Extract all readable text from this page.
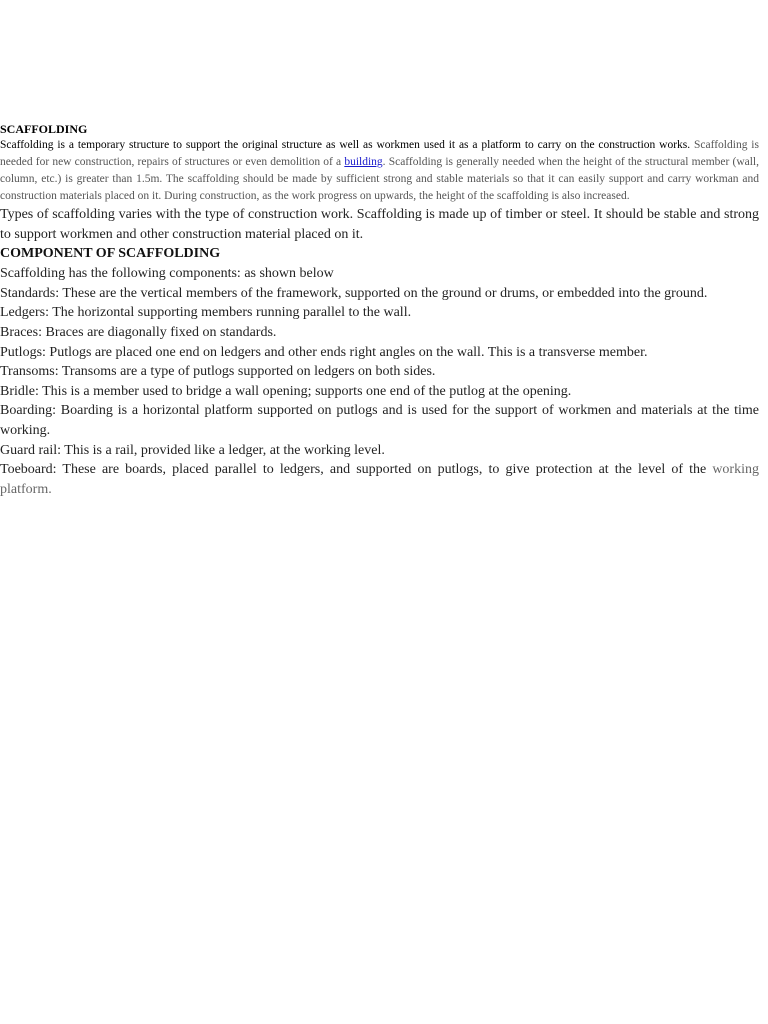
SCAFFOLDING

Scaffolding is a temporary structure to support the original structure as well as workmen used it as a platform to carry on the construction works. Scaffolding is needed for new construction, repairs of structures or even demolition of a building. Scaffolding is generally needed when the height of the structural member (wall, column, etc.) is greater than 1.5m. The scaffolding should be made by sufficient strong and stable materials so that it can easily support and carry workman and construction materials placed on it. During construction, as the work progress on upwards, the height of the scaffolding is also increased.

Types of scaffolding varies with the type of construction work. Scaffolding is made up of timber or steel. It should be stable and strong to support workmen and other construction material placed on it.

COMPONENT OF SCAFFOLDING

Scaffolding has the following components: as shown below

Standards: These are the vertical members of the framework, supported on the ground or drums, or embedded into the ground.

Ledgers: The horizontal supporting members running parallel to the wall.

Braces: Braces are diagonally fixed on standards.

Putlogs: Putlogs are placed one end on ledgers and other ends right angles on the wall. This is a transverse member.

Transoms: Transoms are a type of putlogs supported on ledgers on both sides.

Bridle: This is a member used to bridge a wall opening; supports one end of the putlog at the opening.

Boarding: Boarding is a horizontal platform supported on putlogs and is used for the support of workmen and materials at the time working.

Guard rail: This is a rail, provided like a ledger, at the working level.

Toeboard: These are boards, placed parallel to ledgers, and supported on putlogs, to give protection at the level of the working platform.
